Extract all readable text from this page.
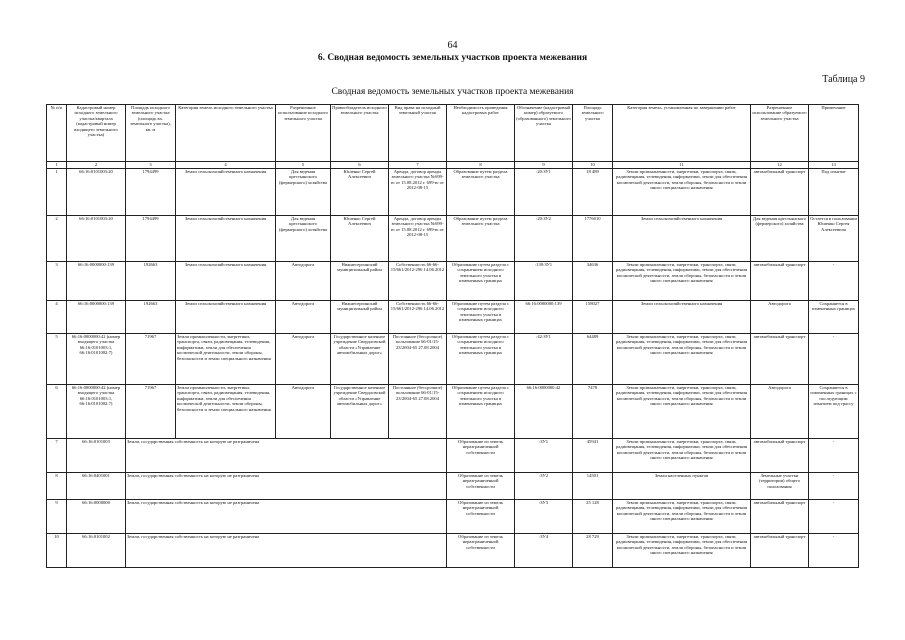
64
6. Сводная ведомость земельных участков проекта межевания
Таблица 9
Сводная ведомость земельных участков проекта межевания
№ п/п	Кадастровый номер исходного земельного участка/квартала (кадастровый номер входящего земельного участка)	Площадь исходного земельного участка (площадь вх. земельного участка), кв. м	Категория земель исходного земельного участка	Разрешенное использование исходного земельного участка	Правообладатель исходного земельного участка	Вид права на исходный земельный участок	Необходимость проведения кадастровых работ	Обозначение (кадастровый номер) образуемого (образованного) земельного участка	Площадь земельного участка	Категория земель, установленная по завершению работ	Разрешенное использование образуемого земельного участка	Примечание
1	2	3	4	5	6	7	8	9	10	11	12	13
1	66:16:0101003:20	1794499	Земли сельскохозяйственного назначения	Для ведения крестьянского (фермерского) хозяйства	Юшенко Сергей Алексеевич	Аренда, договор аренды земельного участка №699-ю от 15.08.2012 г. 699-ю от 2012-08-15	Образование путем раздела земельного участка	:20:ЗУ1	18 489	Земли промышленности, энергетики, транспорта, связи, радиовещания, телевидения, информатики, земли для обеспечения космической деятельности, земли обороны, безопасности и земли иного специального назначения	автомобильный транспорт	Под изъятие
2	66:16:0101003:20	1794499	Земли сельскохозяйственного назначения	Для ведения крестьянского (фермерского) хозяйства	Юшенко Сергей Алексеевич	Аренда, договор аренды земельного участка №699-ю от 15.08.2012 г. 699-ю от 2012-08-15	Образование путем раздела земельного участка	:20:ЗУ2	1776010	Земли сельскохозяйственного назначения	Для ведения крестьянского (фермерского) хозяйства	Остается в пользовании Юшенко Сергея Алексеевича
3	66:16:0000000:139	192663	Земли сельскохозяйственного назначения	Автодорога	Нижнесергинский муниципальный район	Собственность 66-66-15/661/2012-296 14.06.2012	Образование путем раздела с сохранением исходного земельного участка в измененных границах	:139:ЗУ1	34636	Земли промышленности, энергетики, транспорта, связи, радиовещания, телевидения, информатики, земли для обеспечения космической деятельности, земли обороны, безопасности и земли иного специального назначения	автомобильный транспорт	-
4	66:16:0000000:139	192663	Земли сельскохозяйственного назначения	Автодорога	Нижнесергинский муниципальный район	Собственность 66-66-15/661/2012-296 14.06.2012	Образование путем раздела с сохранением исходного земельного участка в измененных границах	66:16:0000000:139	158027	Земли сельскохозяйственного назначения	Автодорога	Сохраняется в измененных границах
5	66:16:0000000:42 (номер входящего участка 66:16:0101003:1, 66:16:0101002:7)	71967	Земли промышленности, энергетики, транспорта, связи, радиовещания, телевидения, информатики, земли для обеспечения космической деятельности, земли обороны, безопасности и земли специального назначения	Автодорога	Государственное казенное учреждение Свердловской области «Управление автомобильных дорог»	Постоянное (бессрочное) пользование 66-01/15-23/2004-65 27.08.2004	Образование путем раздела с сохранением исходного земельного участка в измененных границах	:42:ЗУ1	64489	Земли промышленности, энергетики, транспорта, связи, радиовещания, телевидения, информатики, земли для обеспечения космической деятельности, земли обороны, безопасности и земли иного специального назначения	автомобильный транспорт	-
6	66:16:0000000:42 (номер входящего участка 66:16:0101003:1, 66:16:0101002:7)	71967	Земли промышленности, энергетики, транспорта, связи, радиовещания, телевидения, информатики, земли для обеспечения космической деятельности, земли обороны, безопасности и земли специального назначения	Автодорога	Государственное казенное учреждение Свердловской области «Управление автомобильных дорог»	Постоянное (бессрочное) пользование 66-01/15-23/2004-65 27.08.2004	Образование путем раздела с сохранением исходного земельного участка в измененных границах	66:16:0000000:42	7478	Земли промышленности, энергетики, транспорта, связи, радиовещания, телевидения, информатики, земли для обеспечения космической деятельности, земли обороны, безопасности и земли иного специального назначения	Автодорога	Сохраняется в измененных границах с последующим изъятием под трассу
7	66:16:0101003	Земли, государственная собственность на которую не разграничена					Образование из земель неразграниченной собственности	:ЗУ1	45941	Земли промышленности, энергетики, транспорта, связи, радиовещания, телевидения, информатики, земли для обеспечения космической деятельности, земли обороны, безопасности и земли иного специального назначения	автомобильный транспорт	-
8	66:16:0401001	Земли, государственная собственность на которую не разграничена					Образование из земель неразграниченной собственности	:ЗУ2	14501	Земли населенных пунктов	Земельные участки (территории) общего пользования	-
9	66:16:0000000	Земли, государственная собственность на которую не разграничена					Образование из земель неразграниченной собственности	:ЗУ3	25 128	Земли промышленности, энергетики, транспорта, связи, радиовещания, телевидения, информатики, земли для обеспечения космической деятельности, земли обороны, безопасности и земли иного специального назначения	автомобильный транспорт	-
10	66:16:0101002	Земли, государственная собственность на которую не разграничена					Образование из земель неразграниченной собственности	:ЗУ4	28 729	Земли промышленности, энергетики, транспорта, связи, радиовещания, телевидения, информатики, земли для обеспечения космической деятельности, земли обороны, безопасности и земли иного специального назначения	автомобильный транспорт	-
